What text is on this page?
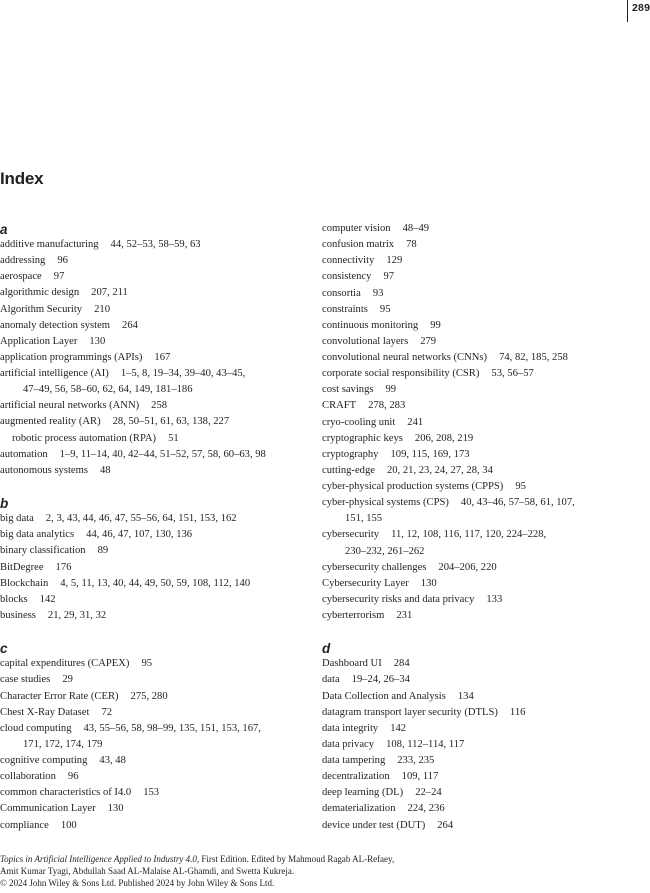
289
Index
a
additive manufacturing 44, 52–53, 58–59, 63
addressing 96
aerospace 97
algorithmic design 207, 211
Algorithm Security 210
anomaly detection system 264
Application Layer 130
application programmings (APIs) 167
artificial intelligence (AI) 1–5, 8, 19–34, 39–40, 43–45,
47–49, 56, 58–60, 62, 64, 149, 181–186
artificial neural networks (ANN) 258
augmented reality (AR) 28, 50–51, 61, 63, 138, 227
robotic process automation (RPA) 51
automation 1–9, 11–14, 40, 42–44, 51–52, 57, 58, 60–63, 98
autonomous systems 48
b
big data 2, 3, 43, 44, 46, 47, 55–56, 64, 151, 153, 162
big data analytics 44, 46, 47, 107, 130, 136
binary classification 89
BitDegree 176
Blockchain 4, 5, 11, 13, 40, 44, 49, 50, 59, 108, 112, 140
blocks 142
business 21, 29, 31, 32
c
capital expenditures (CAPEX) 95
case studies 29
Character Error Rate (CER) 275, 280
Chest X-Ray Dataset 72
cloud computing 43, 55–56, 58, 98–99, 135, 151, 153, 167,
171, 172, 174, 179
cognitive computing 43, 48
collaboration 96
common characteristics of I4.0 153
Communication Layer 130
compliance 100
computer vision 48–49
confusion matrix 78
connectivity 129
consistency 97
consortia 93
constraints 95
continuous monitoring 99
convolutional layers 279
convolutional neural networks (CNNs) 74, 82, 185, 258
corporate social responsibility (CSR) 53, 56–57
cost savings 99
CRAFT 278, 283
cryo-cooling unit 241
cryptographic keys 206, 208, 219
cryptography 109, 115, 169, 173
cutting-edge 20, 21, 23, 24, 27, 28, 34
cyber-physical production systems (CPPS) 95
cyber-physical systems (CPS) 40, 43–46, 57–58, 61, 107,
151, 155
cybersecurity 11, 12, 108, 116, 117, 120, 224–228,
230–232, 261–262
cybersecurity challenges 204–206, 220
Cybersecurity Layer 130
cybersecurity risks and data privacy 133
cyberterrorism 231
d
Dashboard UI 284
data 19–24, 26–34
Data Collection and Analysis 134
datagram transport layer security (DTLS) 116
data integrity 142
data privacy 108, 112–114, 117
data tampering 233, 235
decentralization 109, 117
deep learning (DL) 22–24
dematerialization 224, 236
device under test (DUT) 264
Topics in Artificial Intelligence Applied to Industry 4.0, First Edition. Edited by Mahmoud Ragab AL-Refaey,
Amit Kumar Tyagi, Abdullah Saad AL-Malaise AL-Ghamdi, and Swetta Kukreja.
© 2024 John Wiley & Sons Ltd. Published 2024 by John Wiley & Sons Ltd.
